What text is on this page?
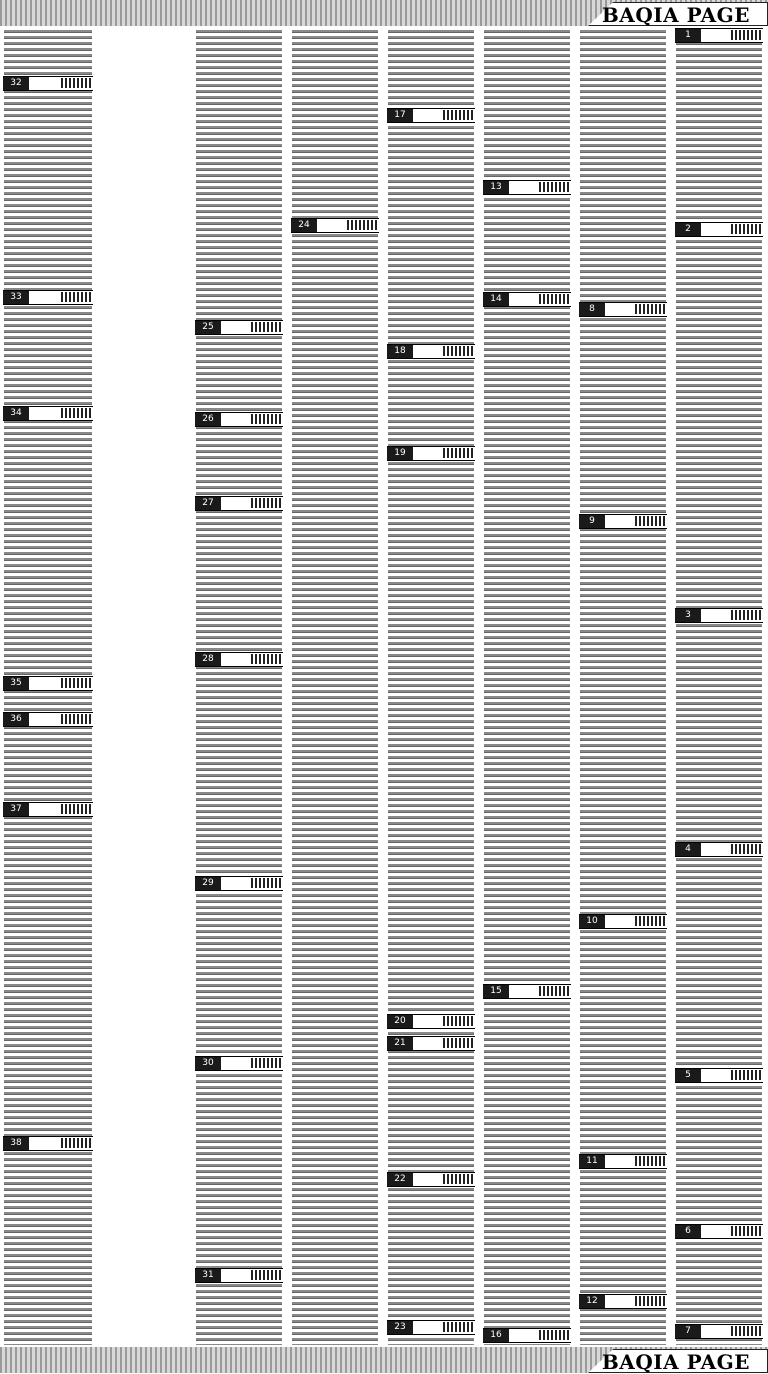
BAQIA PAGE
1
2
3
4
5
6
7
8
9
10
11
12
13
14
15
16
17
18
19
20
21
22
23
24
25
26
27
28
29
30
31
32
33
34
35
36
37
38
BAQIA PAGE
